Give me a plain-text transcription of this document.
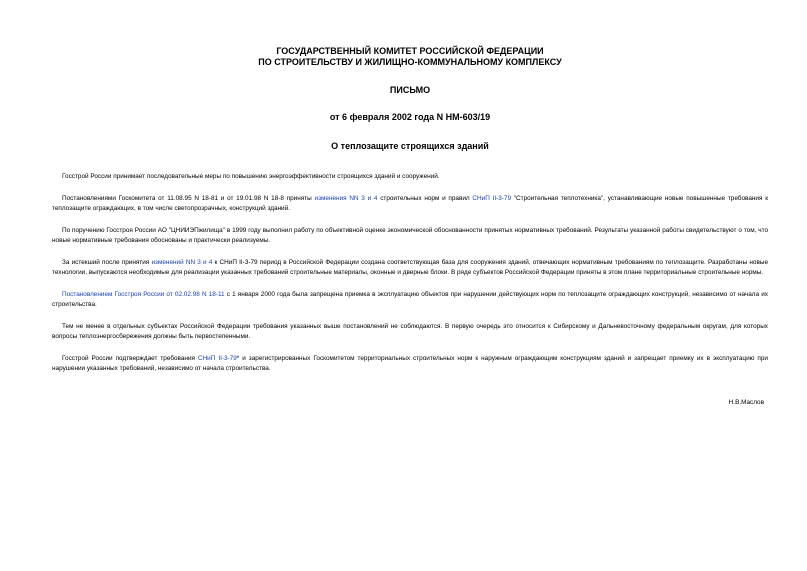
ГОСУДАРСТВЕННЫЙ КОМИТЕТ РОССИЙСКОЙ ФЕДЕРАЦИИ
ПО СТРОИТЕЛЬСТВУ И ЖИЛИЩНО-КОММУНАЛЬНОМУ КОМПЛЕКСУ
ПИСЬМО
от 6 февраля 2002 года N НМ-603/19
О теплозащите строящихся зданий

Госстрой России принимает последовательные меры по повышению энергоэффективности строящихся зданий и сооружений.

Постановлениями Госкомитета от 11.08.95 N 18-81 и от 19.01.98 N 18-8 приняты изменения NN 3 и 4 строительных норм и правил СНиП II-3-79 "Строительная теплотехника", устанавливающие новые повышенные требования к теплозащите ограждающих, в том числе светопрозрачных, конструкций зданий.

По поручению Госстроя России АО "ЦНИИЭПжилища" в 1999 году выполнил работу по объективной оценке экономической обоснованности принятых нормативных требований. Результаты указанной работы свидетельствуют о том, что новые нормативные требования обоснованы и практически реализуемы.

За истекший после принятия изменений NN 3 и 4 к СНиП II-3-79 период в Российской Федерации создана соответствующая база для сооружения зданий, отвечающих нормативным требованиям по теплозащите. Разработаны новые технологии, выпускаются необходимые для реализации указанных требований строительные материалы, оконные и дверные блоки. В ряде субъектов Российской Федерации приняты в этом плане территориальные строительные нормы.

Постановлением Госстроя России от 02.02.98 N 18-11 с 1 января 2000 года была запрещена приемка в эксплуатацию объектов при нарушении действующих норм по теплозащите ограждающих конструкций, независимо от начала их строительства.

Тем не менее в отдельных субъектах Российской Федерации требования указанных выше постановлений не соблюдаются. В первую очередь это относится к Сибирскому и Дальневосточному федеральным округам, для которых вопросы теплоэнергосбережения должны быть первостепенными.

Госстрой России подтверждает требования СНиП II-3-79* и зарегистрированных Госкомитетом территориальных строительных норм к наружным ограждающим конструкциям зданий и запрещает приемку их в эксплуатацию при нарушении указанных требований, независимо от начала строительства.

Н.В.Маслов
